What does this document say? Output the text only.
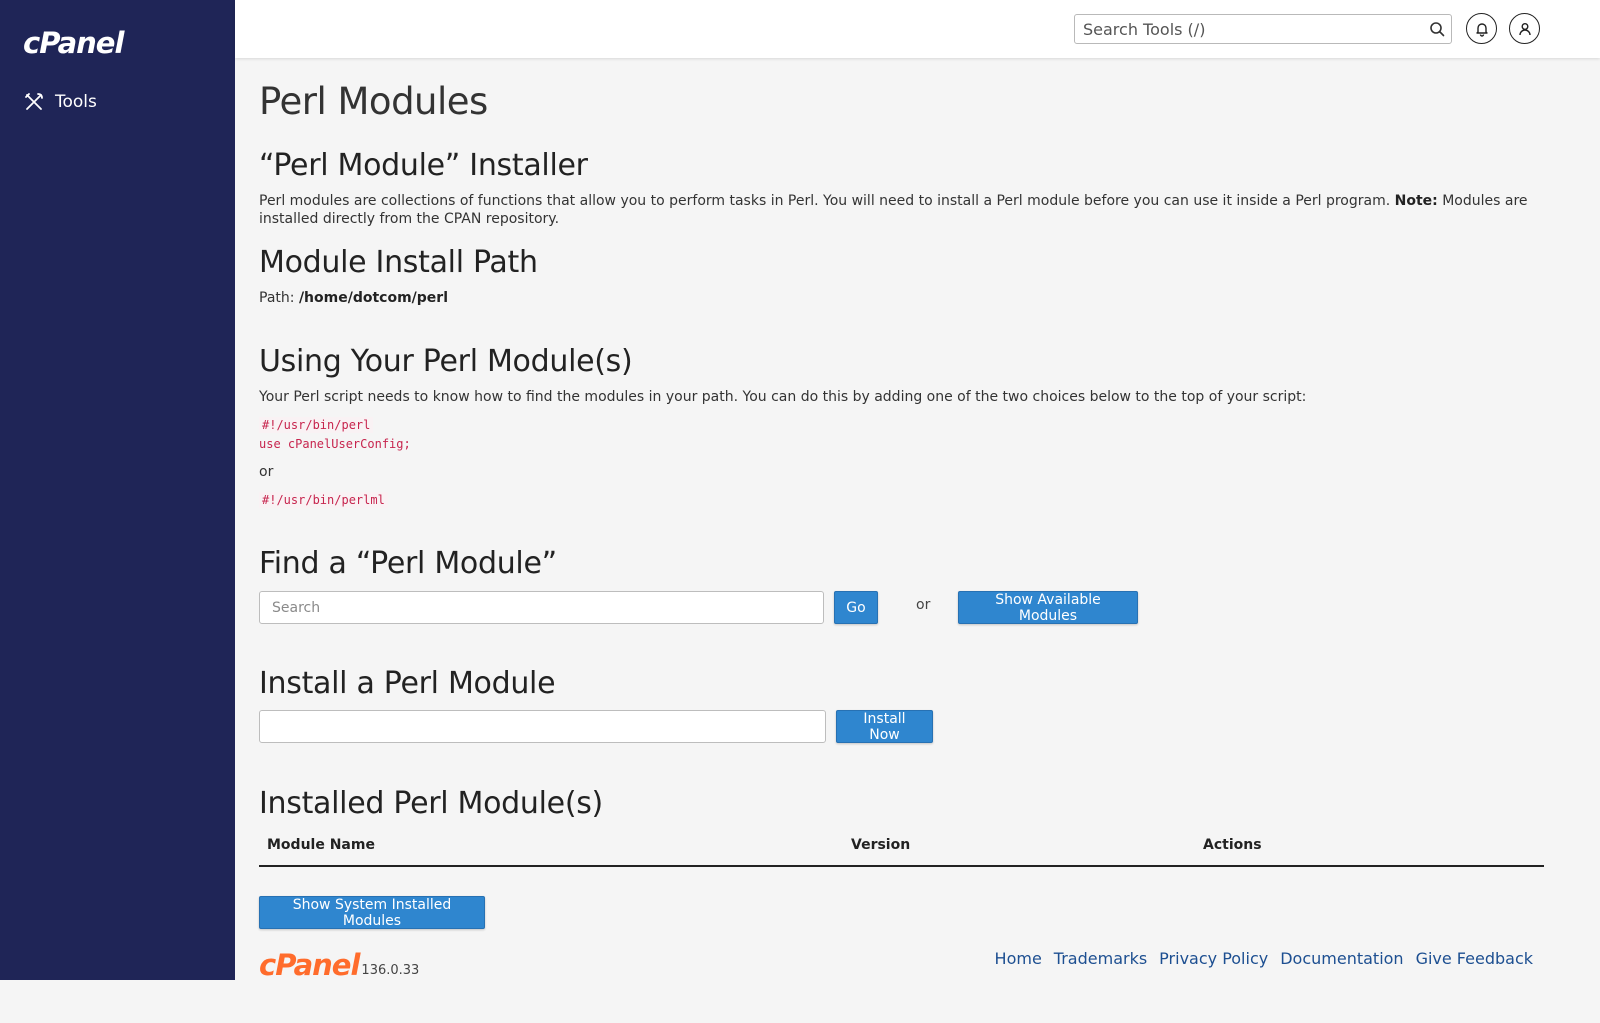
cPanel
Tools
Search Tools (/)	Perl Modules
“Perl Module” Installer

Perl modules are collections of functions that allow you to perform tasks in Perl. You will need to install a Perl module before you can use it inside a Perl program. Note: Modules are installed directly from the CPAN repository.

Module Install Path

Path: /home/dotcom/perl

Using Your Perl Module(s)

Your Perl script needs to know how to find the modules in your path. You can do this by adding one of the two choices below to the top of your script:

#!/usr/bin/perl
use cPanelUserConfig;

or

#!/usr/bin/perlml
Find a “Perl Module”
Search
Go	or	Show Available Modules
Install a Perl Module
Install Now
Installed Perl Module(s)
Module Name	Version	Actions
Show System Installed Modules
cPanel 136.0.33
Home Trademarks Privacy Policy Documentation Give Feedback
